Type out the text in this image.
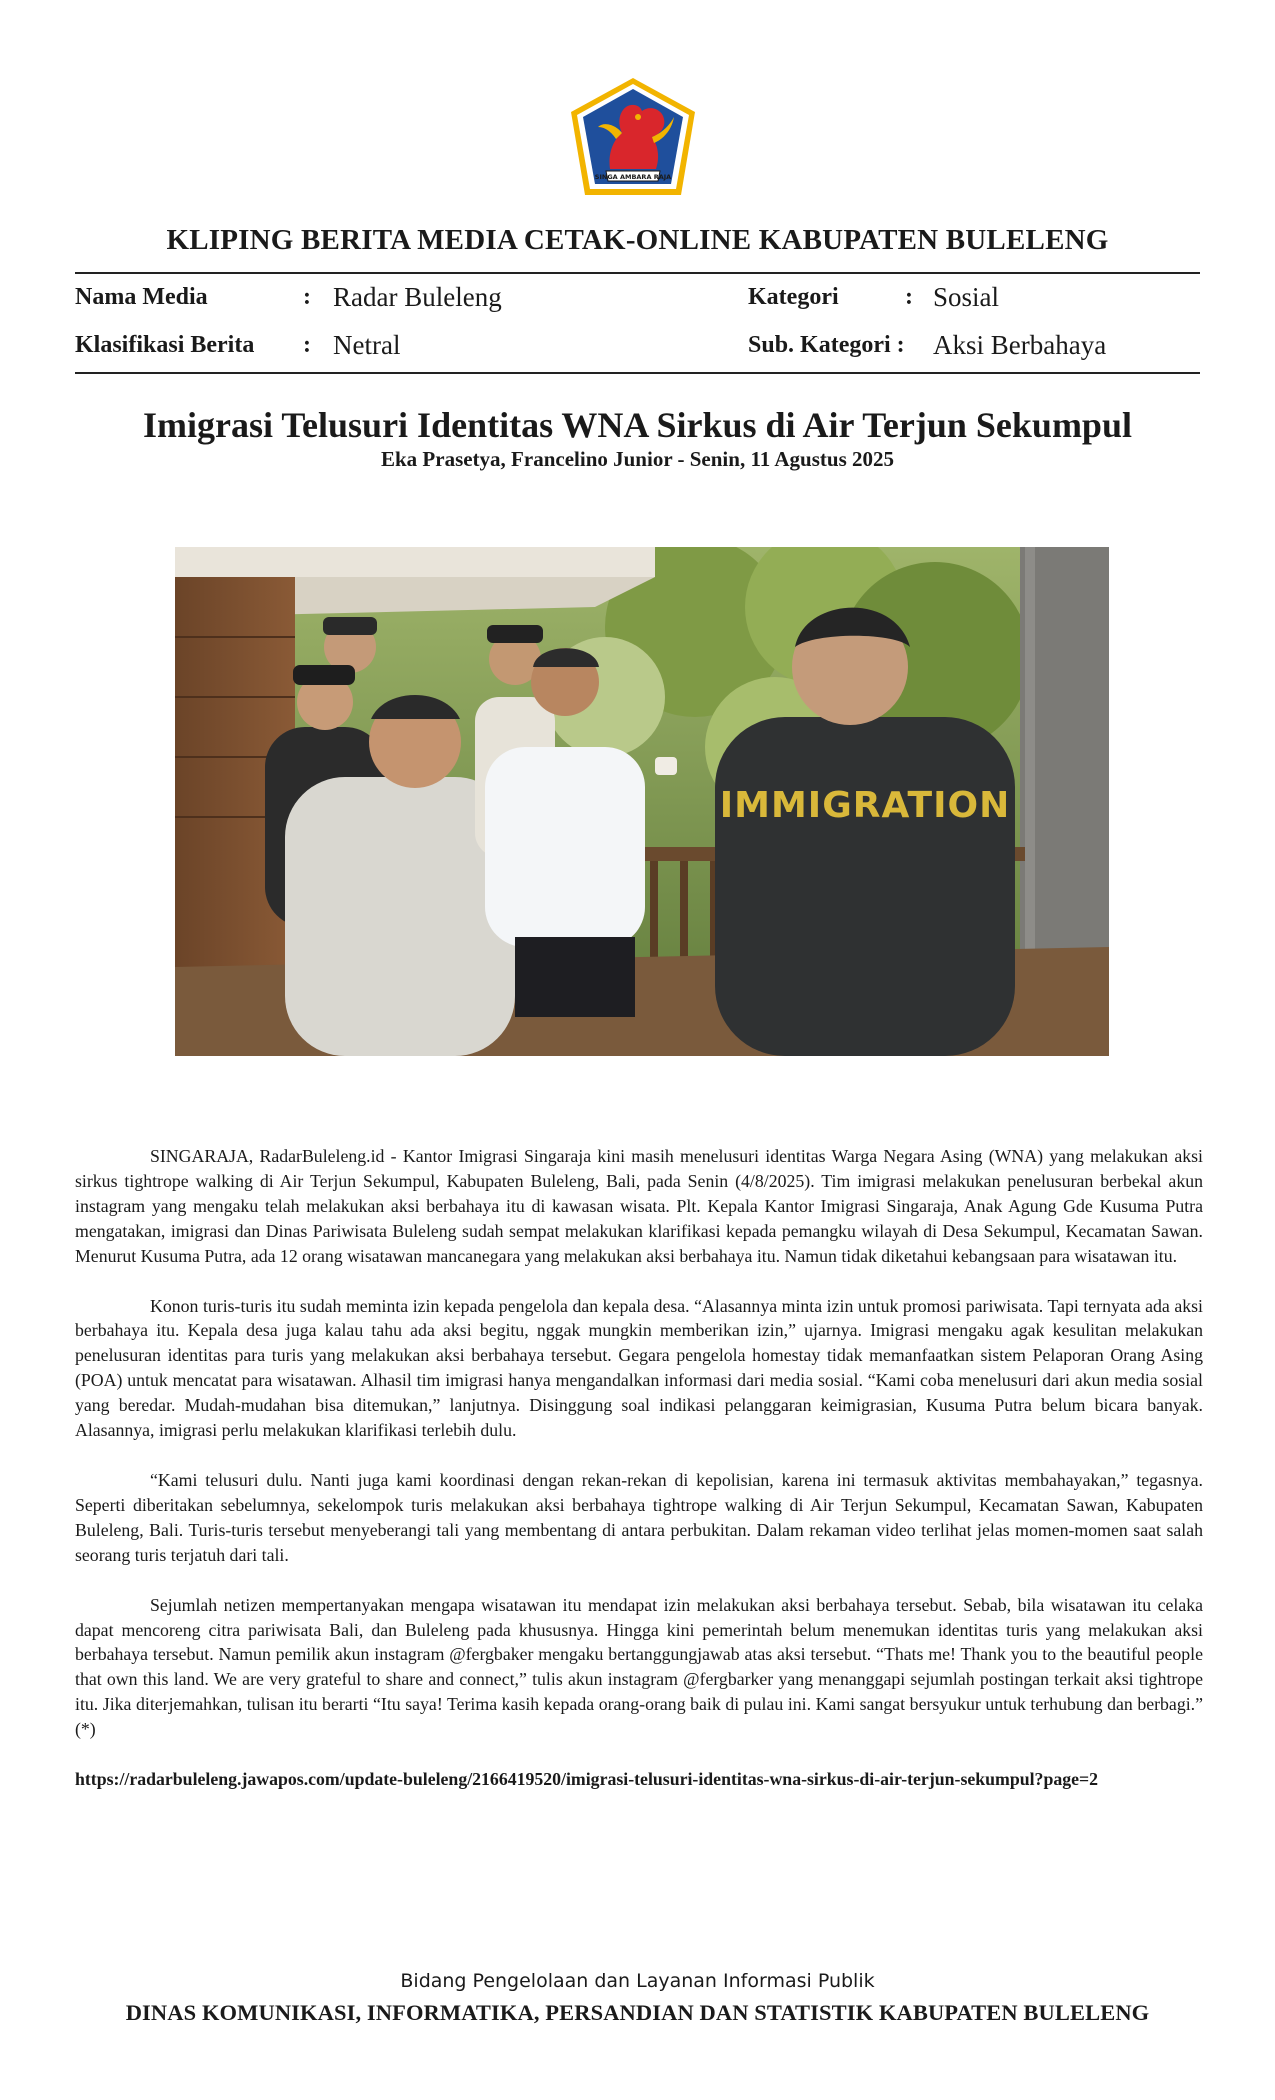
SINGA AMBARA RAJA
KLIPING BERITA MEDIA CETAK-ONLINE KABUPATEN BULELENG
Nama Media	: Radar Buleleng
Klasifikasi Berita : Netral
Kategori	: Sosial
Sub. Kategori : Aksi Berbahaya
Imigrasi Telusuri Identitas WNA Sirkus di Air Terjun Sekumpul
Eka Prasetya, Francelino Junior - Senin, 11 Agustus 2025
IMMIGRATION

SINGARAJA, RadarBuleleng.id - Kantor Imigrasi Singaraja kini masih menelusuri identitas Warga Negara Asing (WNA) yang melakukan aksi sirkus tightrope walking di Air Terjun Sekumpul, Kabupaten Buleleng, Bali, pada Senin (4/8/2025). Tim imigrasi melakukan penelusuran berbekal akun instagram yang mengaku telah melakukan aksi berbahaya itu di kawasan wisata. Plt. Kepala Kantor Imigrasi Singaraja, Anak Agung Gde Kusuma Putra mengatakan, imigrasi dan Dinas Pariwisata Buleleng sudah sempat melakukan klarifikasi kepada pemangku wilayah di Desa Sekumpul, Kecamatan Sawan. Menurut Kusuma Putra, ada 12 orang wisatawan mancanegara yang melakukan aksi berbahaya itu. Namun tidak diketahui kebangsaan para wisatawan itu.

Konon turis-turis itu sudah meminta izin kepada pengelola dan kepala desa. “Alasannya minta izin untuk promosi pariwisata. Tapi ternyata ada aksi berbahaya itu. Kepala desa juga kalau tahu ada aksi begitu, nggak mungkin memberikan izin,” ujarnya. Imigrasi mengaku agak kesulitan melakukan penelusuran identitas para turis yang melakukan aksi berbahaya tersebut. Gegara pengelola homestay tidak memanfaatkan sistem Pelaporan Orang Asing (POA) untuk mencatat para wisatawan. Alhasil tim imigrasi hanya mengandalkan informasi dari media sosial. “Kami coba menelusuri dari akun media sosial yang beredar. Mudah-mudahan bisa ditemukan,” lanjutnya. Disinggung soal indikasi pelanggaran keimigrasian, Kusuma Putra belum bicara banyak. Alasannya, imigrasi perlu melakukan klarifikasi terlebih dulu.

“Kami telusuri dulu. Nanti juga kami koordinasi dengan rekan-rekan di kepolisian, karena ini termasuk aktivitas membahayakan,” tegasnya. Seperti diberitakan sebelumnya, sekelompok turis melakukan aksi berbahaya tightrope walking di Air Terjun Sekumpul, Kecamatan Sawan, Kabupaten Buleleng, Bali. Turis-turis tersebut menyeberangi tali yang membentang di antara perbukitan. Dalam rekaman video terlihat jelas momen-momen saat salah seorang turis terjatuh dari tali.

Sejumlah netizen mempertanyakan mengapa wisatawan itu mendapat izin melakukan aksi berbahaya tersebut. Sebab, bila wisatawan itu celaka dapat mencoreng citra pariwisata Bali, dan Buleleng pada khususnya. Hingga kini pemerintah belum menemukan identitas turis yang melakukan aksi berbahaya tersebut. Namun pemilik akun instagram @fergbaker mengaku bertanggungjawab atas aksi tersebut. “Thats me! Thank you to the beautiful people that own this land. We are very grateful to share and connect,” tulis akun instagram @fergbarker yang menanggapi sejumlah postingan terkait aksi tightrope itu. Jika diterjemahkan, tulisan itu berarti “Itu saya! Terima kasih kepada orang-orang baik di pulau ini. Kami sangat bersyukur untuk terhubung dan berbagi.” (*)

https://radarbuleleng.jawapos.com/update-buleleng/2166419520/imigrasi-telusuri-identitas-wna-sirkus-di-air-terjun-sekumpul?page=2

Bidang Pengelolaan dan Layanan Informasi Publik
DINAS KOMUNIKASI, INFORMATIKA, PERSANDIAN DAN STATISTIK KABUPATEN BULELENG
